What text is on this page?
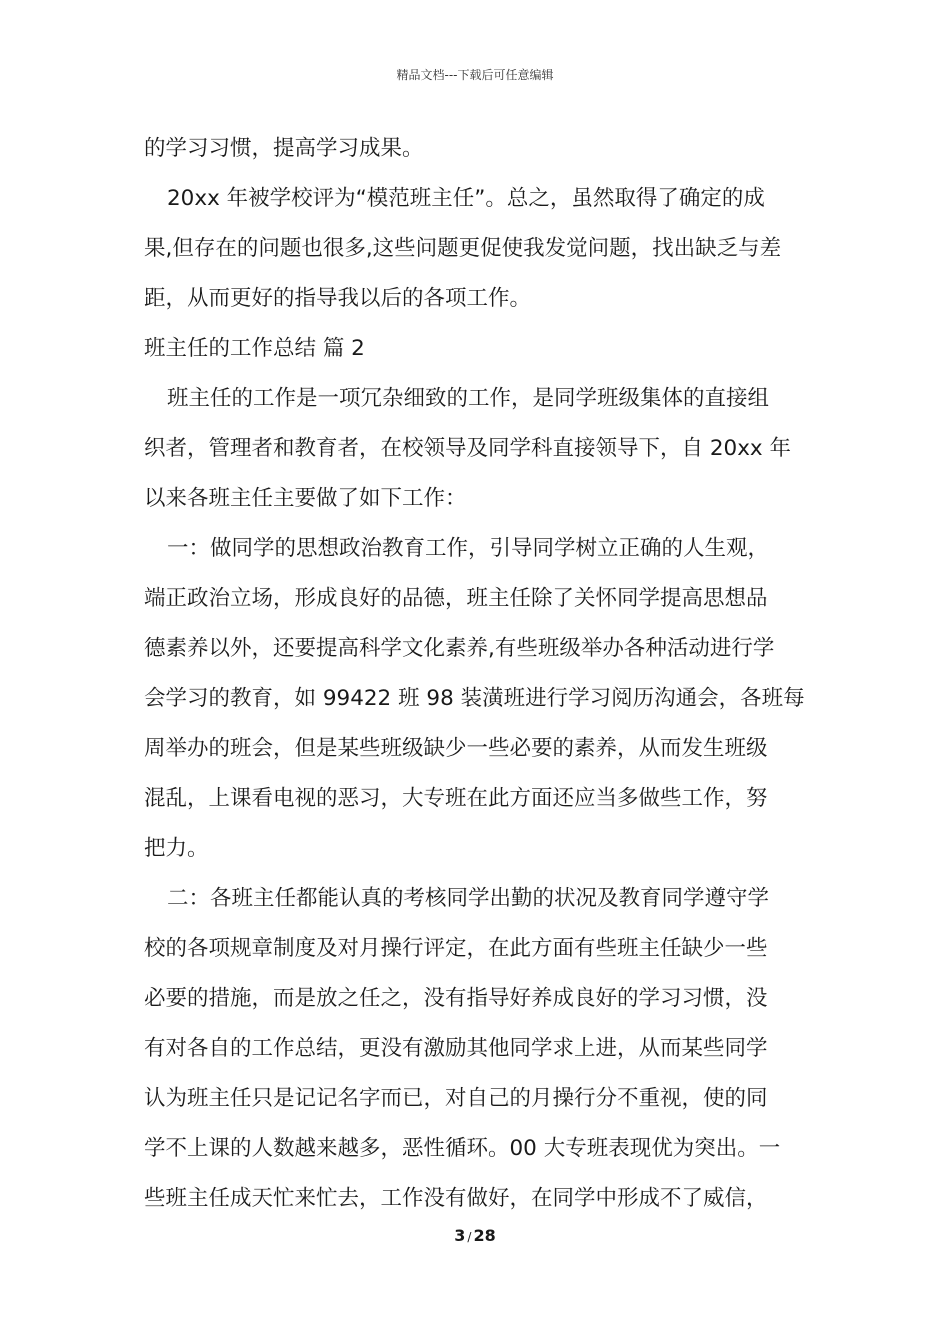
精品文档---下载后可任意编辑
的学习习惯，提高学习成果。
20xx 年被学校评为“模范班主任”。总之，虽然取得了确定的成
果,但存在的问题也很多,这些问题更促使我发觉问题，找出缺乏与差
距，从而更好的指导我以后的各项工作。
班主任的工作总结 篇 2
班主任的工作是一项冗杂细致的工作，是同学班级集体的直接组
织者，管理者和教育者，在校领导及同学科直接领导下，自 20xx 年
以来各班主任主要做了如下工作：
一：做同学的思想政治教育工作，引导同学树立正确的人生观，
端正政治立场，形成良好的品德，班主任除了关怀同学提高思想品
德素养以外，还要提高科学文化素养,有些班级举办各种活动进行学
会学习的教育，如 99422 班 98 装潢班进行学习阅历沟通会，各班每
周举办的班会，但是某些班级缺少一些必要的素养，从而发生班级
混乱，上课看电视的恶习，大专班在此方面还应当多做些工作，努
把力。
二：各班主任都能认真的考核同学出勤的状况及教育同学遵守学
校的各项规章制度及对月操行评定，在此方面有些班主任缺少一些
必要的措施，而是放之任之，没有指导好养成良好的学习习惯，没
有对各自的工作总结，更没有激励其他同学求上进，从而某些同学
认为班主任只是记记名字而已，对自己的月操行分不重视，使的同
学不上课的人数越来越多，恶性循环。00 大专班表现优为突出。一
些班主任成天忙来忙去，工作没有做好，在同学中形成不了威信，
3 / 28
